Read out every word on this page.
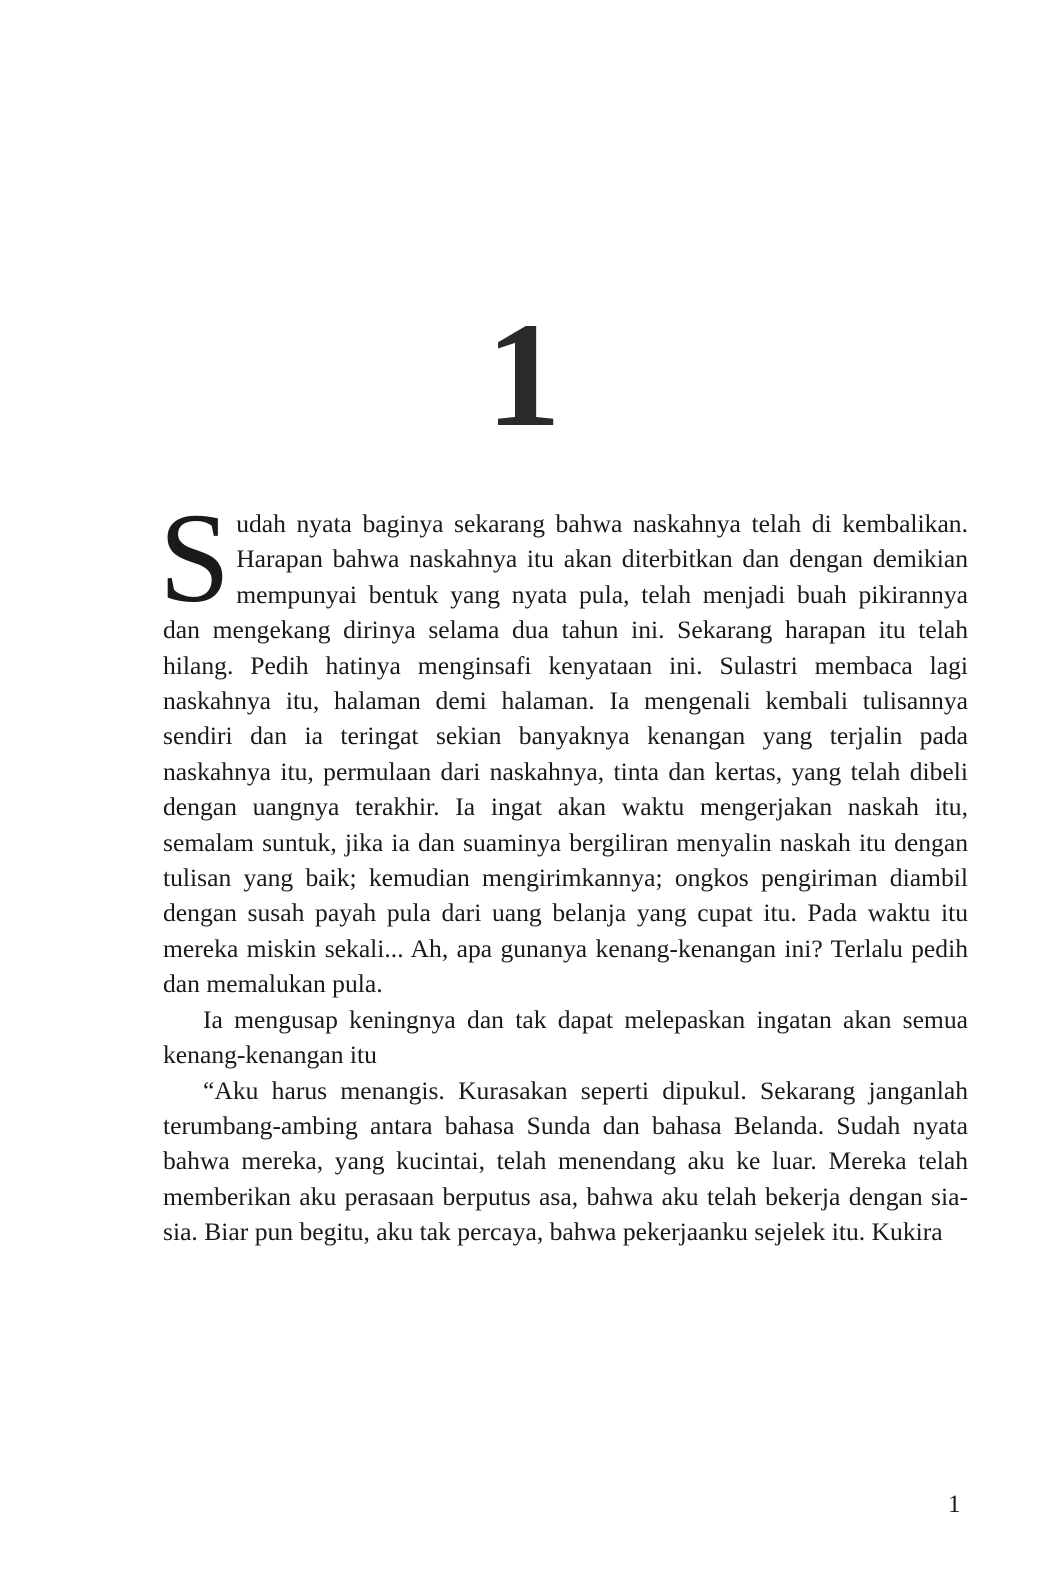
1

Sudah nyata baginya sekarang bahwa naskahnya telah di kembalikan. Harapan bahwa naskahnya itu akan diterbitkan dan dengan demikian mempunyai bentuk yang nyata pula, telah menjadi buah pikirannya dan mengekang dirinya selama dua tahun ini. Sekarang harapan itu telah hilang. Pedih hatinya menginsafi kenyataan ini. Sulastri membaca lagi naskahnya itu, halaman demi halaman. Ia mengenali kembali tulisannya sendiri dan ia teringat sekian banyaknya kenangan yang terjalin pada naskahnya itu, permulaan dari naskahnya, tinta dan kertas, yang telah dibeli dengan uangnya terakhir. Ia ingat akan waktu mengerjakan naskah itu, semalam suntuk, jika ia dan suaminya bergiliran menyalin naskah itu dengan tulisan yang baik; kemudian mengirimkannya; ongkos pengiriman diambil dengan susah payah pula dari uang belanja yang cupat itu. Pada waktu itu mereka miskin sekali... Ah, apa gunanya kenang-kenangan ini? Terlalu pedih dan memalukan pula.

Ia mengusap keningnya dan tak dapat melepaskan ingatan akan semua kenang-kenangan itu

“Aku harus menangis. Kurasakan seperti dipukul. Sekarang janganlah terumbang-ambing antara bahasa Sunda dan bahasa Belanda. Sudah nyata bahwa mereka, yang kucintai, telah menendang aku ke luar. Mereka telah memberikan aku perasaan berputus asa, bahwa aku telah bekerja dengan sia-sia. Biar pun begitu, aku tak percaya, bahwa pekerjaanku sejelek itu. Kukira

1
